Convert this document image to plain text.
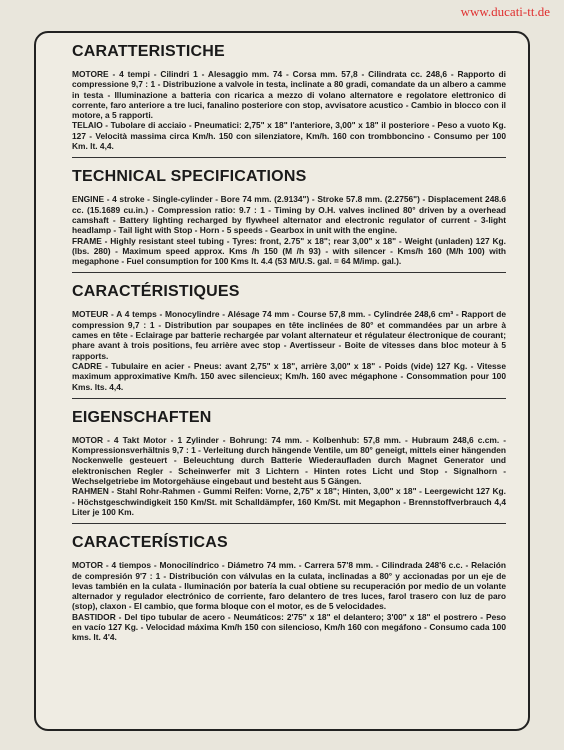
www.ducati-tt.de
CARATTERISTICHE

MOTORE - 4 tempi - Cilindri 1 - Alesaggio mm. 74 - Corsa mm. 57,8 - Cilindrata cc. 248,6 - Rapporto di compressione 9,7 : 1 - Distribuzione a valvole in testa, inclinate a 80 gradi, comandate da un albero a camme in testa - Illuminazione a batteria con ricarica a mezzo di volano alternatore e regolatore elettronico di corrente, faro anteriore a tre luci, fanalino posteriore con stop, avvisatore acustico - Cambio in blocco con il motore, a 5 rapporti.

TELAIO - Tubolare di acciaio - Pneumatici: 2,75" x 18" l'anteriore, 3,00" x 18" il posteriore - Peso a vuoto Kg. 127 - Velocità massima circa Km/h. 150 con silenziatore, Km/h. 160 con trombboncino - Consumo per 100 Km. lt. 4,4.

TECHNICAL SPECIFICATIONS

ENGINE - 4 stroke - Single-cylinder - Bore 74 mm. (2.9134") - Stroke 57.8 mm. (2.2756") - Displacement 248.6 cc. (15.1689 cu.in.) - Compression ratio: 9.7 : 1 - Timing by O.H. valves inclined 80° driven by a overhead camshaft - Battery lighting recharged by flywheel alternator and electronic regulator of current - 3-light headlamp - Tail light with Stop - Horn - 5 speeds - Gearbox in unit with the engine.

FRAME - Highly resistant steel tubing - Tyres: front, 2.75" x 18"; rear 3,00" x 18" - Weight (unladen) 127 Kg. (lbs. 280) - Maximum speed approx. Kms /h 150 (M /h 93) - with silencer - Kms/h 160 (M/h 100) with megaphone - Fuel consumption for 100 Kms lt. 4.4 (53 M/U.S. gal. = 64 M/imp. gal.).

CARACTÉRISTIQUES

MOTEUR - A 4 temps - Monocylindre - Alésage 74 mm - Course 57,8 mm. - Cylindrée 248,6 cm³ - Rapport de compression 9,7 : 1 - Distribution par soupapes en tête inclinées de 80° et commandées par un arbre à cames en tête - Eclairage par batterie rechargée par volant alternateur et régulateur électronique de courant; phare avant à trois positions, feu arrière avec stop - Avertisseur - Boite de vitesses dans bloc moteur à 5 rapports.

CADRE - Tubulaire en acier - Pneus: avant 2,75" x 18", arrière 3,00" x 18" - Poids (vide) 127 Kg. - Vitesse maximum approximative Km/h. 150 avec silencieux; Km/h. 160 avec mégaphone - Consommation pour 100 Kms. lts. 4,4.

EIGENSCHAFTEN

MOTOR - 4 Takt Motor - 1 Zylinder - Bohrung: 74 mm. - Kolbenhub: 57,8 mm. - Hubraum 248,6 c.cm. - Kompressionsverhältnis 9,7 : 1 - Verleitung durch hängende Ventile, um 80° geneigt, mittels einer hängenden Nockenwelle gesteuert - Beleuchtung durch Batterie Wiederaufladen durch Magnet Generator und elektronischen Regler - Scheinwerfer mit 3 Lichtern - Hinten rotes Licht und Stop - Signalhorn - Wechselgetriebe im Motorgehäuse eingebaut und besteht aus 5 Gängen.

RAHMEN - Stahl Rohr-Rahmen - Gummi Reifen: Vorne, 2,75" x 18"; Hinten, 3,00" x 18" - Leergewicht 127 Kg. - Höchstgeschwindigkeit 150 Km/St. mit Schalldämpfer, 160 Km/St. mit Megaphon - Brennstoffverbrauch 4,4 Liter je 100 Km.

CARACTERÍSTICAS

MOTOR - 4 tiempos - Monocilíndrico - Diámetro 74 mm. - Carrera 57'8 mm. - Cilindrada 248'6 c.c. - Relación de compresión 9'7 : 1 - Distribución con válvulas en la culata, inclinadas a 80° y accionadas por un eje de levas también en la culata - Iluminación por batería la cual obtiene su recuperación por medio de un volante alternador y regulador electrónico de corriente, faro delantero de tres luces, farol trasero con luz de paro (stop), claxon - El cambio, que forma bloque con el motor, es de 5 velocidades.

BASTIDOR - Del tipo tubular de acero - Neumáticos: 2'75" x 18" el delantero; 3'00" x 18" el postrero - Peso en vacío 127 Kg. - Velocidad máxima Km/h 150 con silencioso, Km/h 160 con megáfono - Consumo cada 100 kms. lt. 4'4.
